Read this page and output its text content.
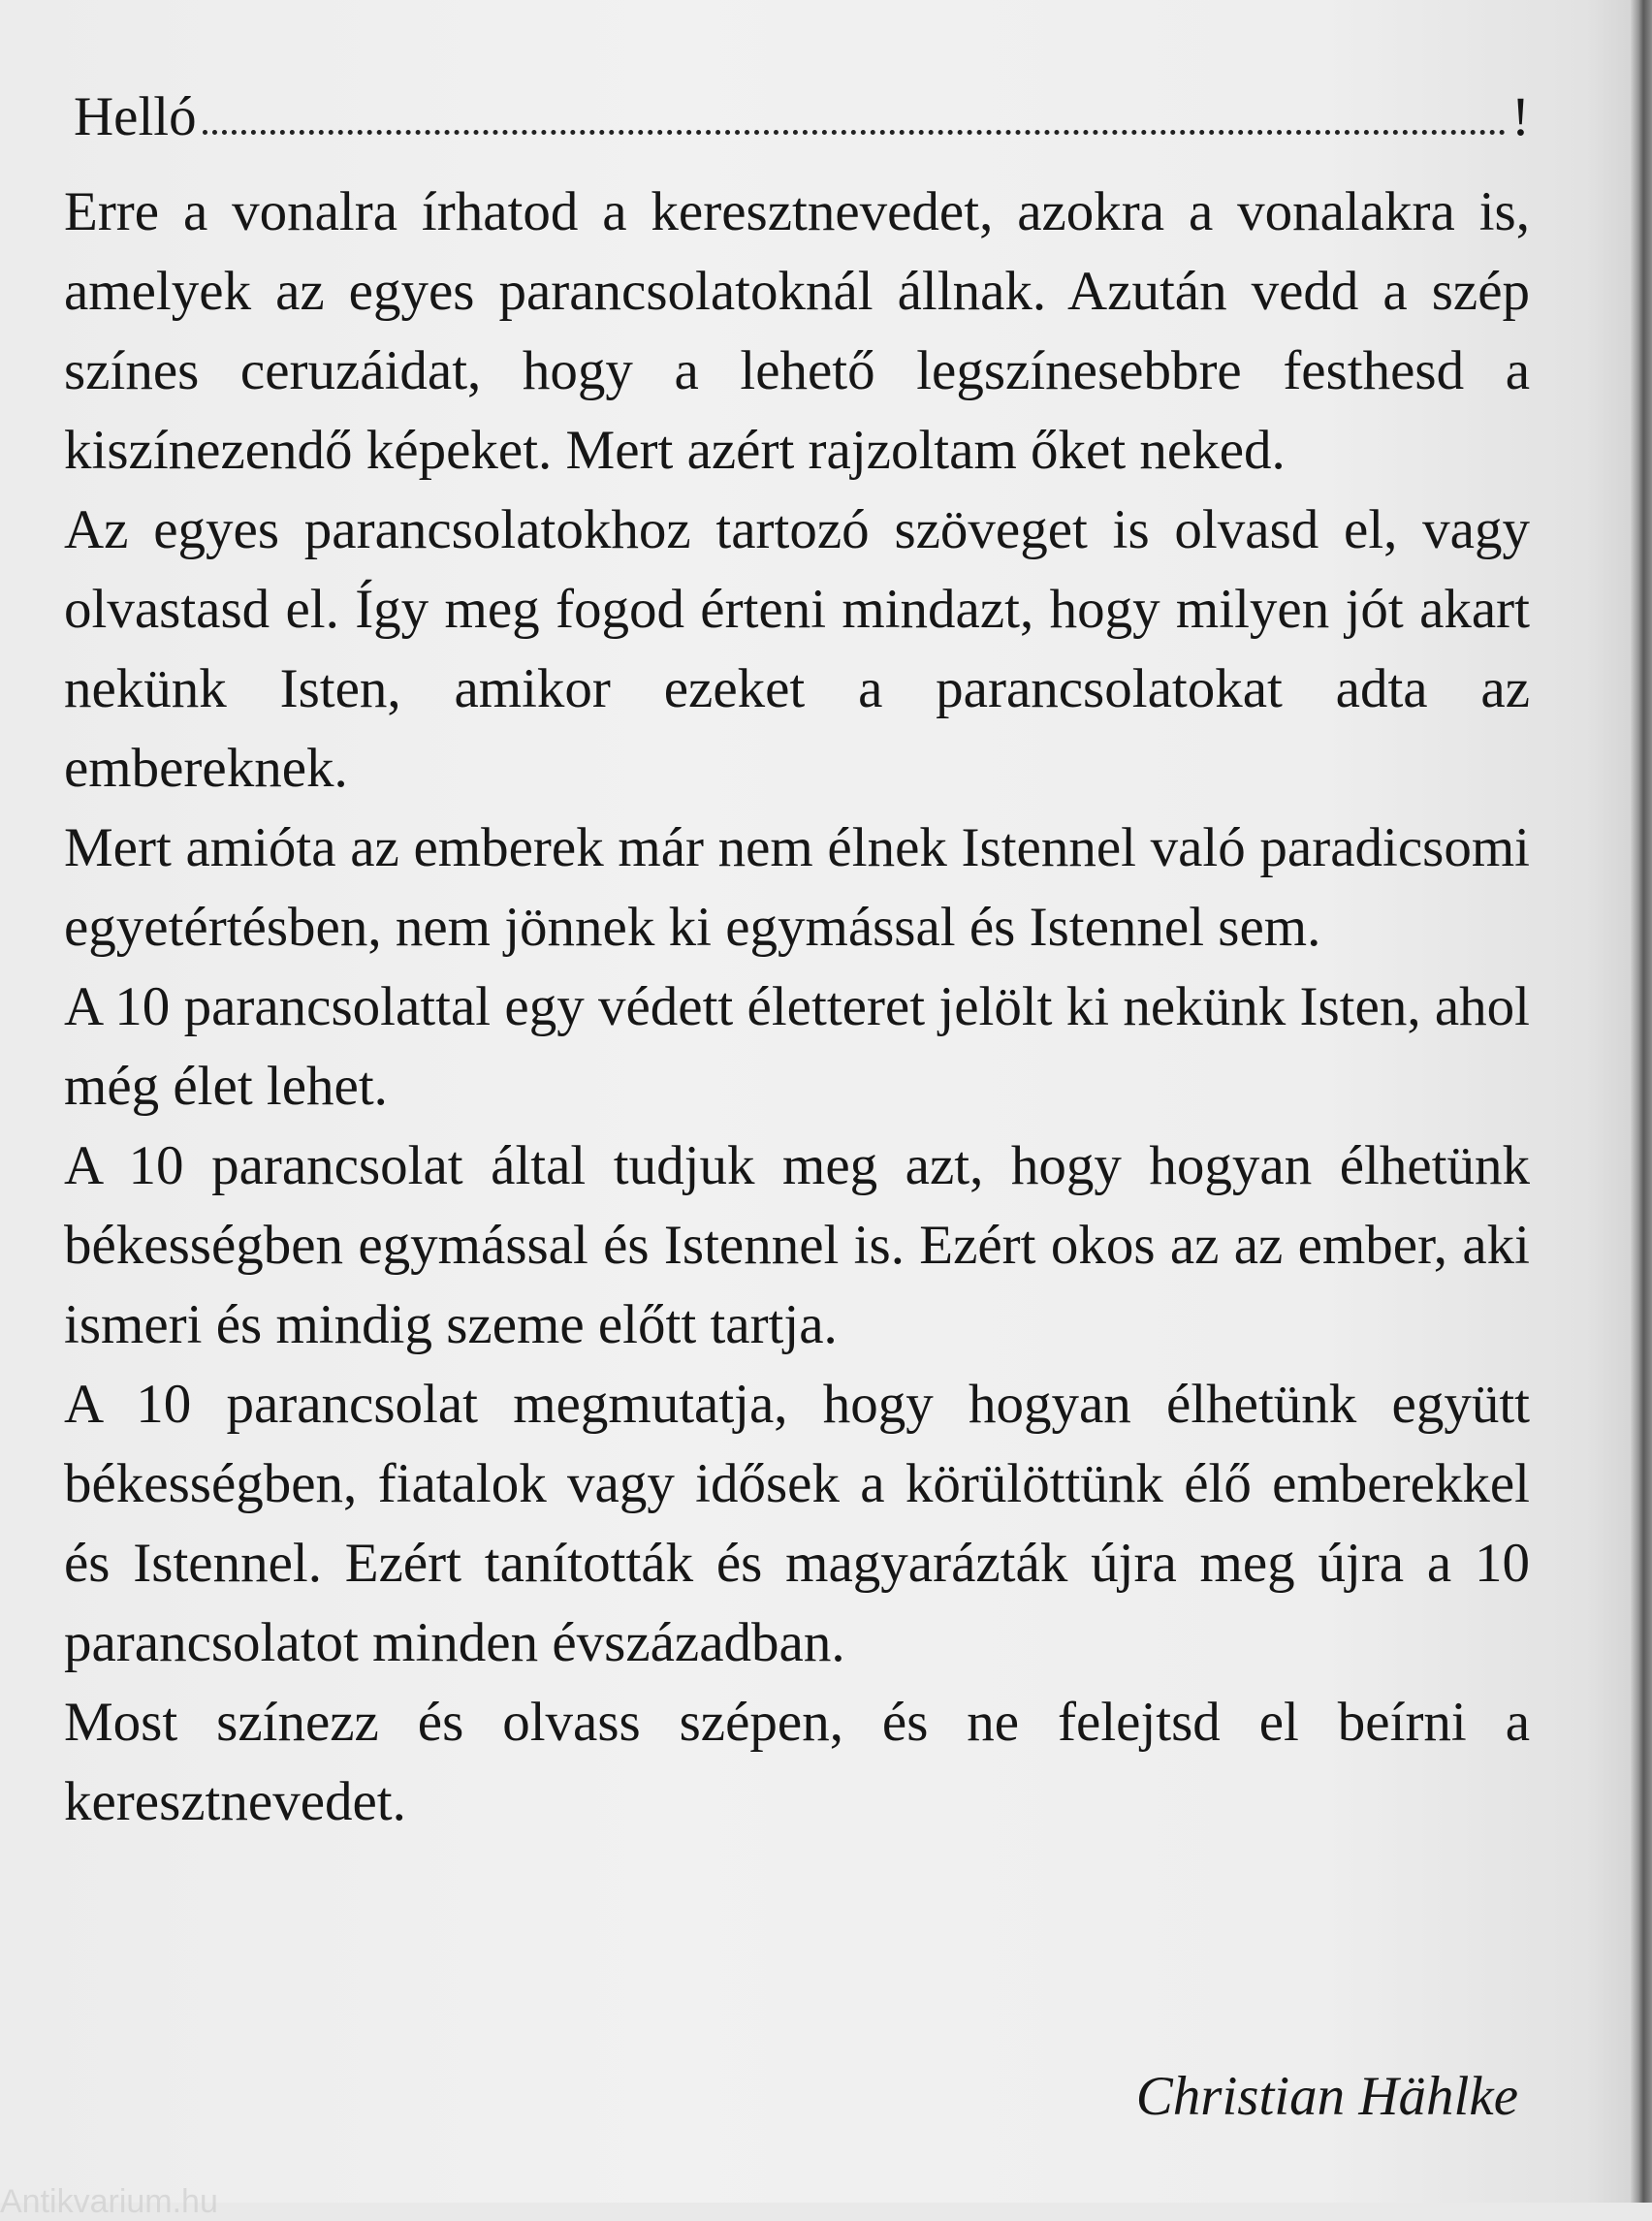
Helló	!

Erre a vonalra írhatod a keresztnevedet, azokra a vonalakra is, amelyek az egyes parancsolatoknál állnak. Azután vedd a szép színes ceruzáidat, hogy a lehető legszínesebbre festhesd a kiszínezendő képeket. Mert azért rajzoltam őket neked.

Az egyes parancsolatokhoz tartozó szöveget is olvasd el, vagy olvastasd el. Így meg fogod érteni mindazt, hogy milyen jót akart nekünk Isten, amikor ezeket a parancsolatokat adta az embereknek.

Mert amióta az emberek már nem élnek Istennel való paradicsomi egyetértésben, nem jönnek ki egymással és Istennel sem.

A 10 parancsolattal egy védett életteret jelölt ki nekünk Isten, ahol még élet lehet.

A 10 parancsolat által tudjuk meg azt, hogy hogyan élhetünk békességben egymással és Istennel is. Ezért okos az az ember, aki ismeri és mindig szeme előtt tartja.

A 10 parancsolat megmutatja, hogy hogyan élhetünk együtt békességben, fiatalok vagy idősek a körülöttünk élő emberekkel és Istennel. Ezért tanították és magyarázták újra meg újra a 10 parancsolatot minden évszázadban.

Most színezz és olvass szépen, és ne felejtsd el beírni a keresztnevedet.

Christian Hählke
Antikvarium.hu
